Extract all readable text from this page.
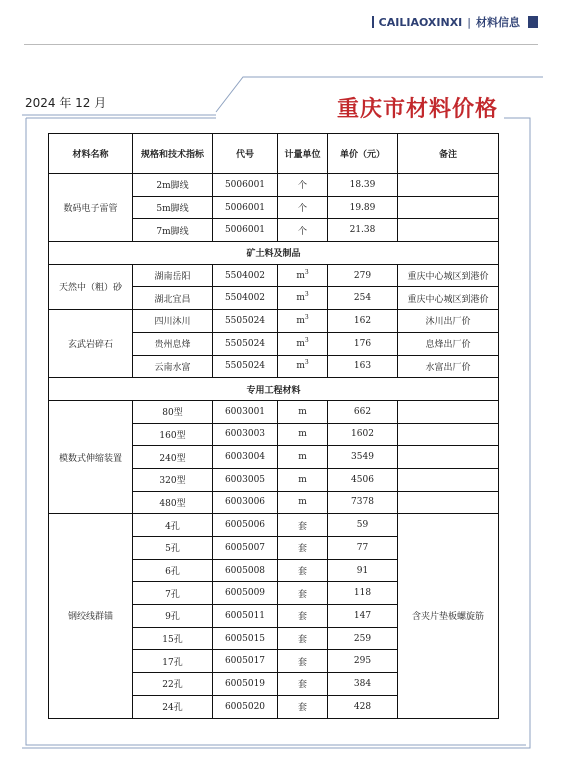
CAILIAOXINXI | 材料信息
2024 年 12 月	重庆市材料价格
材料名称	规格和技术指标	代号	计量单位	单价（元）	备注
数码电子雷管	2m脚线	5006001	个	18.39	
	5m脚线	5006001	个	19.89	
	7m脚线	5006001	个	21.38	
矿土料及制品					
天然中（粗）砂	湖南岳阳	5504002	$m^3$	279	重庆中心城区到港价
	湖北宜昌	5504002	$m^3$	254	重庆中心城区到港价
玄武岩碎石	四川沐川	5505024	$m^3$	162	沐川出厂价
	贵州息烽	5505024	$m^3$	176	息烽出厂价
	云南水富	5505024	$m^3$	163	水富出厂价
专用工程材料					
模数式伸缩装置	80型	6003001	m	662	
	160型	6003003	m	1602	
	240型	6003004	m	3549	
	320型	6003005	m	4506	
	480型	6003006	m	7378	
钢绞线群锚	4孔	6005006	套	59	含夹片垫板螺旋筋
	5孔	6005007	套	77	
	6孔	6005008	套	91	
	7孔	6005009	套	118	
	9孔	6005011	套	147	
	15孔	6005015	套	259	
	17孔	6005017	套	295	
	22孔	6005019	套	384	
	24孔	6005020	套	428	
